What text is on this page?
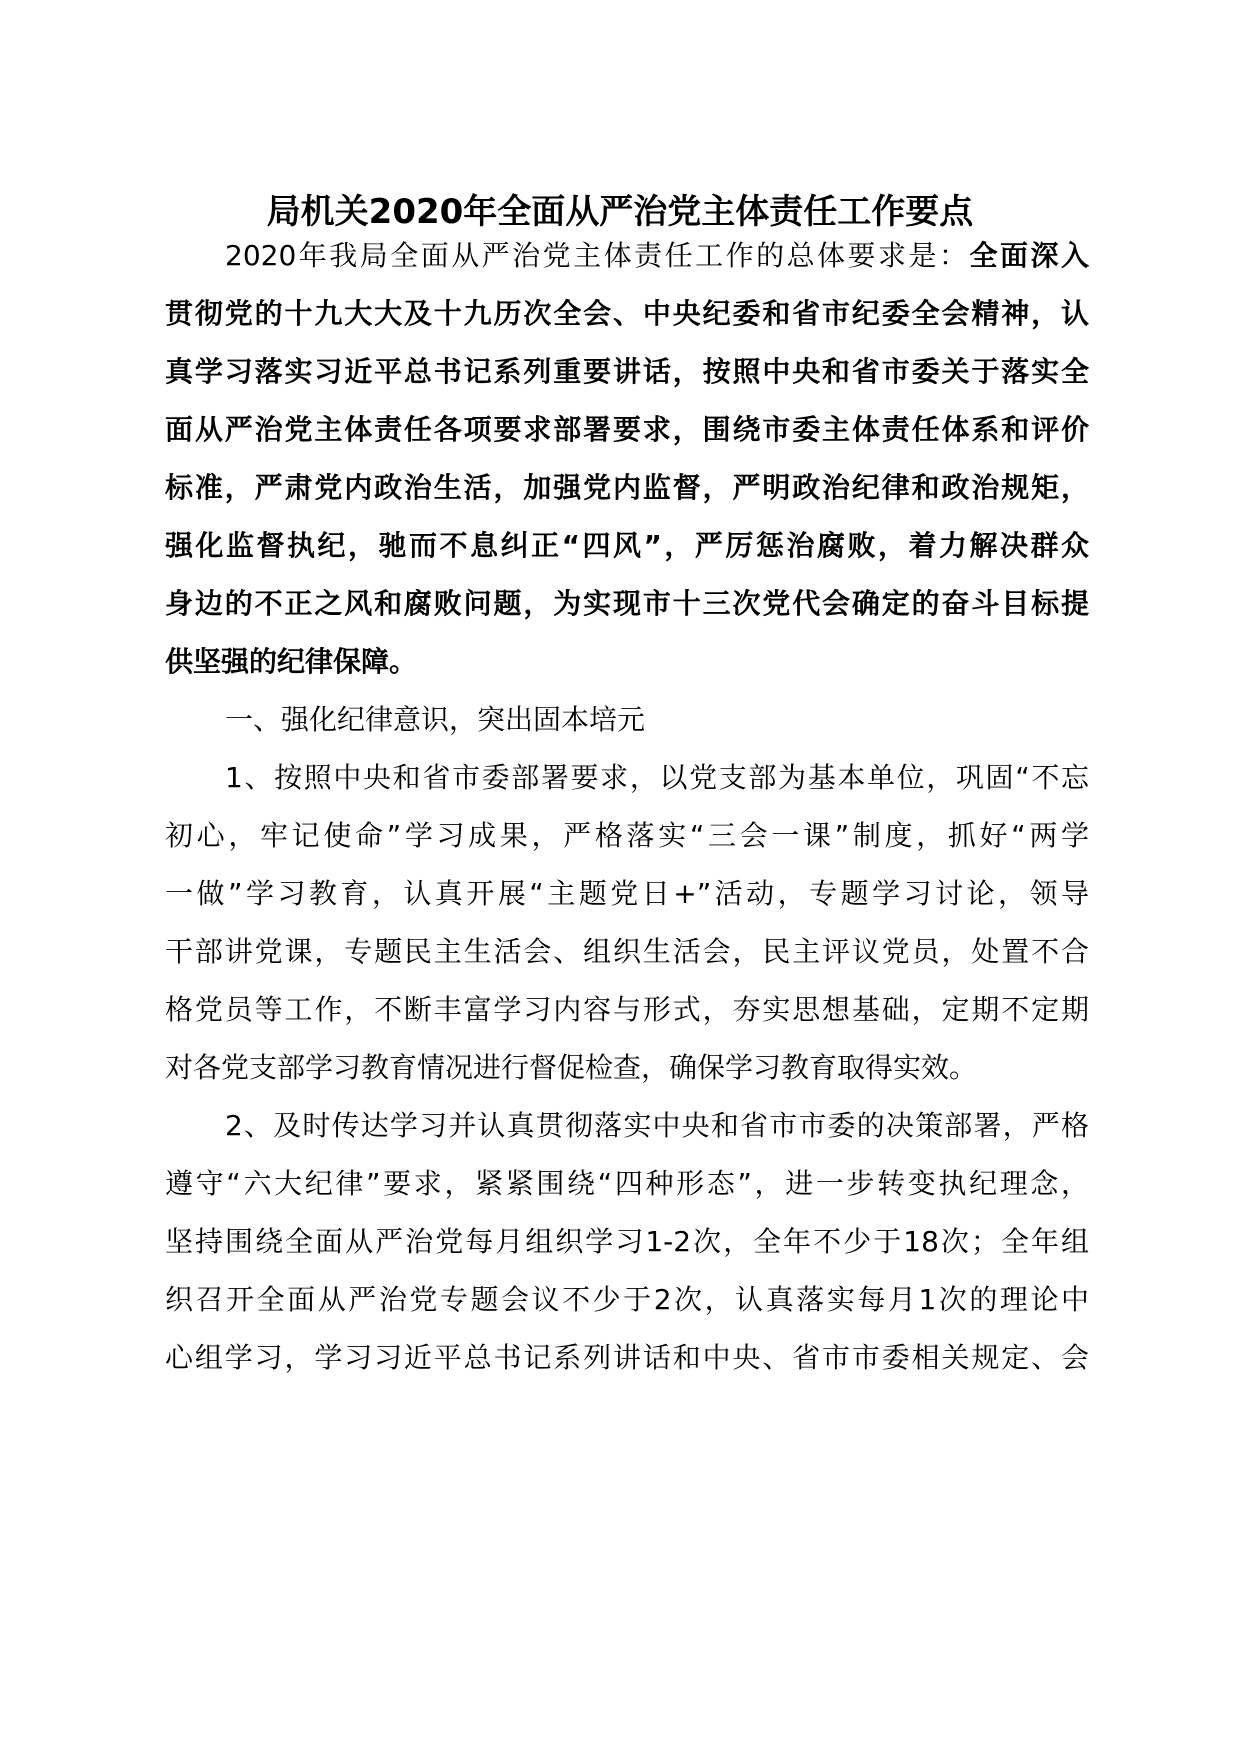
局机关2020年全面从严治党主体责任工作要点
2020年我局全面从严治党主体责任工作的总体要求是：全面深入
贯彻党的十九大大及十九历次全会、中央纪委和省市纪委全会精神，认
真学习落实习近平总书记系列重要讲话，按照中央和省市委关于落实全
面从严治党主体责任各项要求部署要求，围绕市委主体责任体系和评价
标准，严肃党内政治生活，加强党内监督，严明政治纪律和政治规矩，
强化监督执纪，驰而不息纠正“四风”，严厉惩治腐败，着力解决群众
身边的不正之风和腐败问题，为实现市十三次党代会确定的奋斗目标提
供坚强的纪律保障。
一、强化纪律意识，突出固本培元
1、按照中央和省市委部署要求，以党支部为基本单位，巩固“不忘
初心，牢记使命”学习成果，严格落实“三会一课”制度，抓好“两学
一做”学习教育，认真开展“主题党日+”活动，专题学习讨论，领导
干部讲党课，专题民主生活会、组织生活会，民主评议党员，处置不合
格党员等工作，不断丰富学习内容与形式，夯实思想基础，定期不定期
对各党支部学习教育情况进行督促检查，确保学习教育取得实效。
2、及时传达学习并认真贯彻落实中央和省市市委的决策部署，严格
遵守“六大纪律”要求，紧紧围绕“四种形态”，进一步转变执纪理念，
坚持围绕全面从严治党每月组织学习1-2次，全年不少于18次；全年组
织召开全面从严治党专题会议不少于2次，认真落实每月1次的理论中
心组学习，学习习近平总书记系列讲话和中央、省市市委相关规定、会
